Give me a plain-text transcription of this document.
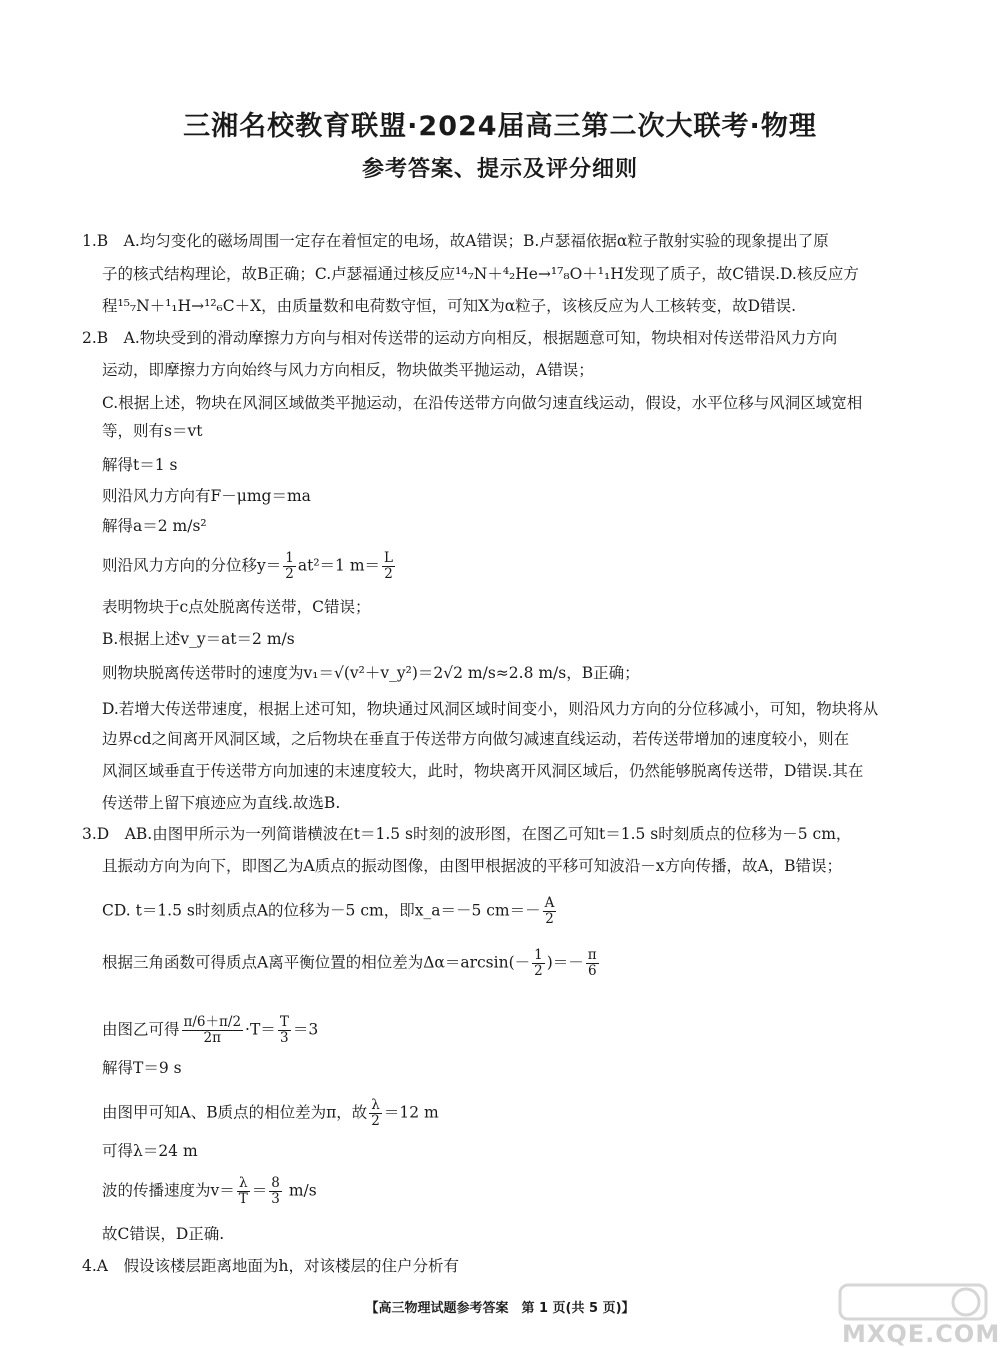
三湘名校教育联盟·2024届高三第二次大联考·物理
参考答案、提示及评分细则
1.B　A.均匀变化的磁场周围一定存在着恒定的电场，故A错误；B.卢瑟福依据α粒子散射实验的现象提出了原
子的核式结构理论，故B正确；C.卢瑟福通过核反应¹⁴₇N＋⁴₂He→¹⁷₈O＋¹₁H发现了质子，故C错误.D.核反应方
程¹⁵₇N＋¹₁H→¹²₆C＋X，由质量数和电荷数守恒，可知X为α粒子，该核反应为人工核转变，故D错误.
2.B　A.物块受到的滑动摩擦力方向与相对传送带的运动方向相反，根据题意可知，物块相对传送带沿风力方向
运动，即摩擦力方向始终与风力方向相反，物块做类平抛运动，A错误；
C.根据上述，物块在风洞区域做类平抛运动，在沿传送带方向做匀速直线运动，假设，水平位移与风洞区域宽相
等，则有s＝vt
解得t＝1 s
则沿风力方向有F－μmg＝ma
解得a＝2 m/s²
则沿风力方向的分位移$y= \frac{1}{2} at^2=1$ $m= \frac{L}{2}$
表明物块于c点处脱离传送带，C错误；
B.根据上述v_y＝at＝2 m/s
则物块脱离传送带时的速度为v₁＝√(v²＋v_y²)＝2√2 m/s≈2.8 m/s，B正确；
D.若增大传送带速度，根据上述可知，物块通过风洞区域时间变小，则沿风力方向的分位移减小，可知，物块将从
边界cd之间离开风洞区域，之后物块在垂直于传送带方向做匀减速直线运动，若传送带增加的速度较小，则在
风洞区域垂直于传送带方向加速的末速度较大，此时，物块离开风洞区域后，仍然能够脱离传送带，D错误.其在
传送带上留下痕迹应为直线.故选B.
3.D　AB.由图甲所示为一列简谐横波在t＝1.5 s时刻的波形图，在图乙可知t＝1.5 s时刻质点的位移为－5 cm，
且振动方向为向下，即图乙为A质点的振动图像，由图甲根据波的平移可知波沿－x方向传播，故A，B错误；
CD. t＝1.5 s时刻质点A的位移为－5 cm，即x_a＝－5 $cm=- \frac{A}{2}$
根据三角函数可得质点A离平衡位置的相位差为$\Delta\alpha=\arcsin(- \frac{1}{2}$ )＝－ $\frac{\pi}{6}$
由图乙可得 $\frac{\pi/6+\pi/2}{2\pi} \cdot T= \frac{T}{3} =3$
解得T＝9 s
由图甲可知A、B质点的相位差为π，故 $\frac{\lambda}{2} =12$ m
可得λ＝24 m
波的传播速度为$v= \frac{\lambda}{T} = \frac{8}{3} m/s$
故C错误，D正确.
4.A　假设该楼层距离地面为h，对该楼层的住户分析有
【高三物理试题参考答案　第 1 页(共 5 页)】
MXQE.COM
